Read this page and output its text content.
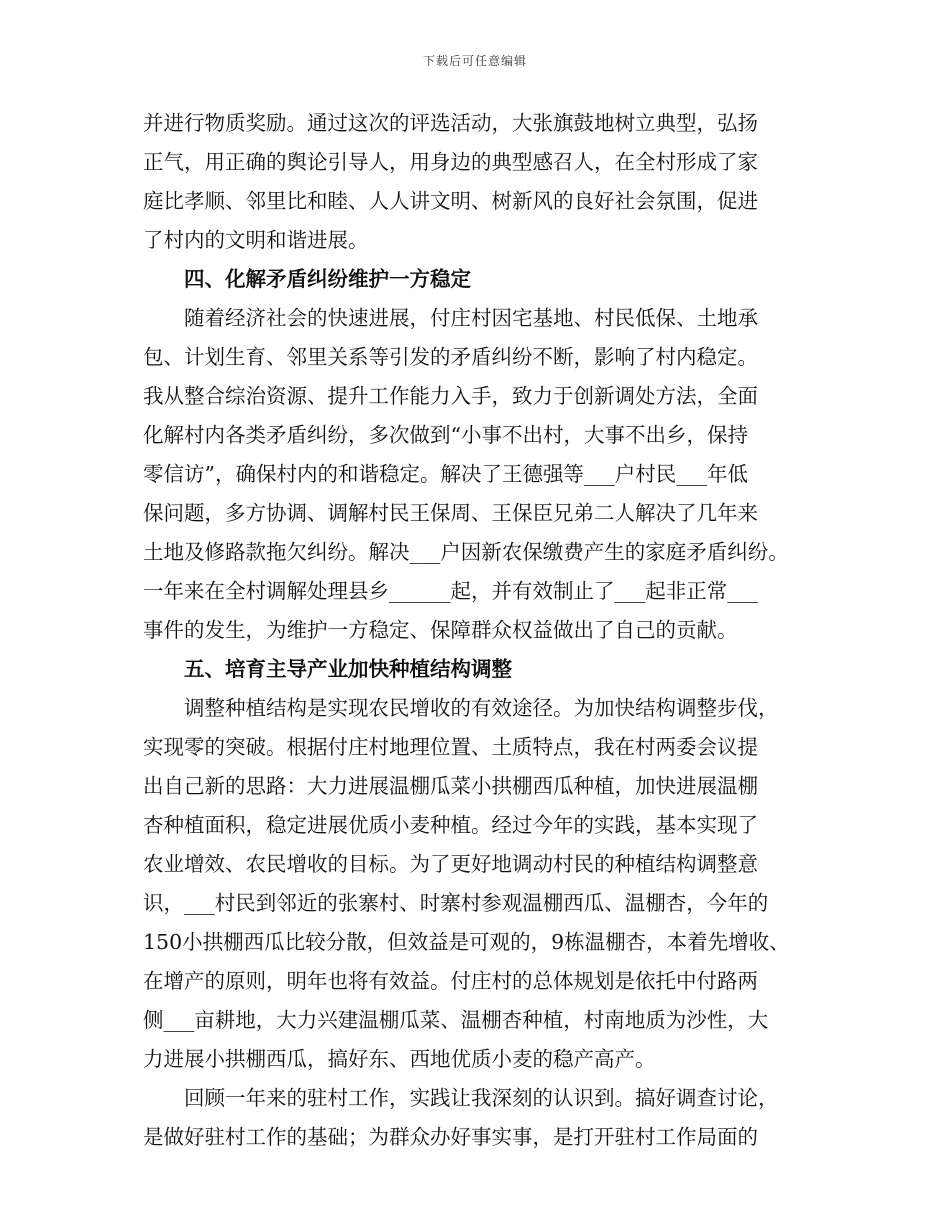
下载后可任意编辑
并进行物质奖励。通过这次的评选活动，大张旗鼓地树立典型，弘扬
正气，用正确的舆论引导人，用身边的典型感召人，在全村形成了家
庭比孝顺、邻里比和睦、人人讲文明、树新风的良好社会氛围，促进
了村内的文明和谐进展。
四、化解矛盾纠纷维护一方稳定
随着经济社会的快速进展，付庄村因宅基地、村民低保、土地承
包、计划生育、邻里关系等引发的矛盾纠纷不断，影响了村内稳定。
我从整合综治资源、提升工作能力入手，致力于创新调处方法，全面
化解村内各类矛盾纠纷，多次做到“小事不出村，大事不出乡，保持
零信访”，确保村内的和谐稳定。解决了王德强等___户村民___年低
保问题，多方协调、调解村民王保周、王保臣兄弟二人解决了几年来
土地及修路款拖欠纠纷。解决___户因新农保缴费产生的家庭矛盾纠纷。
一年来在全村调解处理县乡______起，并有效制止了___起非正常___
事件的发生，为维护一方稳定、保障群众权益做出了自己的贡献。
五、培育主导产业加快种植结构调整
调整种植结构是实现农民增收的有效途径。为加快结构调整步伐，
实现零的突破。根据付庄村地理位置、土质特点，我在村两委会议提
出自己新的思路：大力进展温棚瓜菜小拱棚西瓜种植，加快进展温棚
杏种植面积，稳定进展优质小麦种植。经过今年的实践，基本实现了
农业增效、农民增收的目标。为了更好地调动村民的种植结构调整意
识，___村民到邻近的张寨村、时寨村参观温棚西瓜、温棚杏，今年的
150小拱棚西瓜比较分散，但效益是可观的，9栋温棚杏，本着先增收、
在增产的原则，明年也将有效益。付庄村的总体规划是依托中付路两
侧___亩耕地，大力兴建温棚瓜菜、温棚杏种植，村南地质为沙性，大
力进展小拱棚西瓜，搞好东、西地优质小麦的稳产高产。
回顾一年来的驻村工作，实践让我深刻的认识到。搞好调查讨论，
是做好驻村工作的基础；为群众办好事实事，是打开驻村工作局面的
